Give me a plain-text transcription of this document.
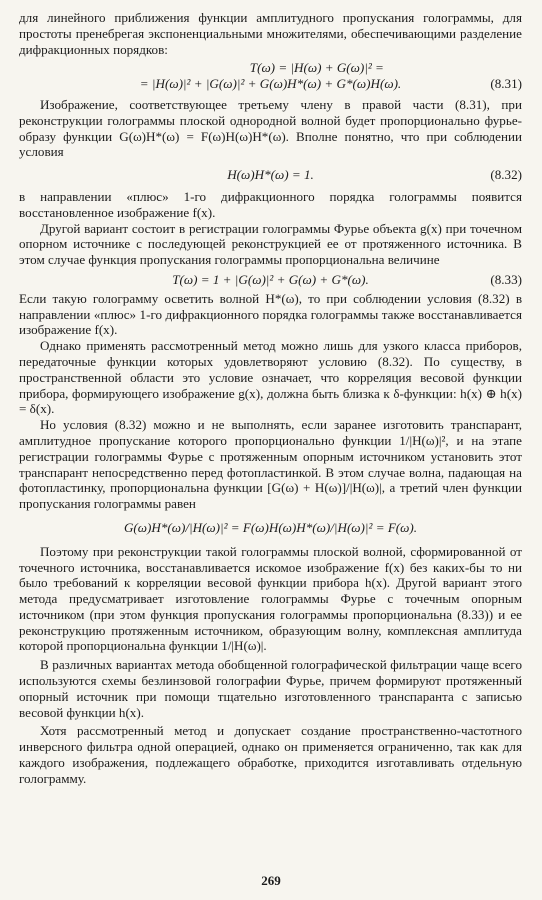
для линейного приближения функции амплитудного пропускания голограммы, для простоты пренебрегая экспоненциальными множителями, обеспечивающими разделение дифракционных порядков:

T(ω) = |H(ω) + G(ω)|² =
= |H(ω)|² + |G(ω)|² + G(ω)H*(ω) + G*(ω)H(ω).	(8.31)

Изображение, соответствующее третьему члену в правой части (8.31), при реконструкции голограммы плоской однородной волной будет пропорционально фурье-образу функции G(ω)H*(ω) = F(ω)H(ω)H*(ω). Вполне понятно, что при соблюдении условия

H(ω)H*(ω) = 1.	(8.32)

в направлении «плюс» 1-го дифракционного порядка голограммы появится восстановленное изображение f(x).

Другой вариант состоит в регистрации голограммы Фурье объекта g(x) при точечном опорном источнике с последующей реконструкцией ее от протяженного источника. В этом случае функция пропускания голограммы пропорциональна величине

T(ω) = 1 + |G(ω)|² + G(ω) + G*(ω).	(8.33)

Если такую голограмму осветить волной H*(ω), то при соблюдении условия (8.32) в направлении «плюс» 1-го дифракционного порядка голограммы также восстанавливается изображение f(x).

Однако применять рассмотренный метод можно лишь для узкого класса приборов, передаточные функции которых удовлетворяют условию (8.32). По существу, в пространственной области это условие означает, что корреляция весовой функции прибора, формирующего изображение g(x), должна быть близка к δ-функции: h(x) ⊕ h(x) = δ(x).

Но условия (8.32) можно и не выполнять, если заранее изготовить транспарант, амплитудное пропускание которого пропорционально функции 1/|H(ω)|², и на этапе регистрации голограммы Фурье с протяженным опорным источником установить этот транспарант непосредственно перед фотопластинкой. В этом случае волна, падающая на фотопластинку, пропорциональна функции [G(ω) + H(ω)]/|H(ω)|, а третий член функции пропускания голограммы равен

G(ω)H*(ω)/|H(ω)|² = F(ω)H(ω)H*(ω)/|H(ω)|² = F(ω).

Поэтому при реконструкции такой голограммы плоской волной, сформированной от точечного источника, восстанавливается искомое изображение f(x) без каких-бы то ни было требований к корреляции весовой функции прибора h(x). Другой вариант этого метода предусматривает изготовление голограммы Фурье с точечным опорным источником (при этом функция пропускания голограммы пропорциональна (8.33)) и ее реконструкцию протяженным источником, образующим волну, комплексная амплитуда которой пропорциональна функции 1/|H(ω)|.

В различных вариантах метода обобщенной голографической фильтрации чаще всего используются схемы безлинзовой голографии Фурье, причем формируют протяженный опорный источник при помощи тщательно изготовленного транспаранта с записью весовой функции h(x).

Хотя рассмотренный метод и допускает создание пространственно-частотного инверсного фильтра одной операцией, однако он применяется ограниченно, так как для каждого изображения, подлежащего обработке, приходится изготавливать отдельную голограмму.

269
